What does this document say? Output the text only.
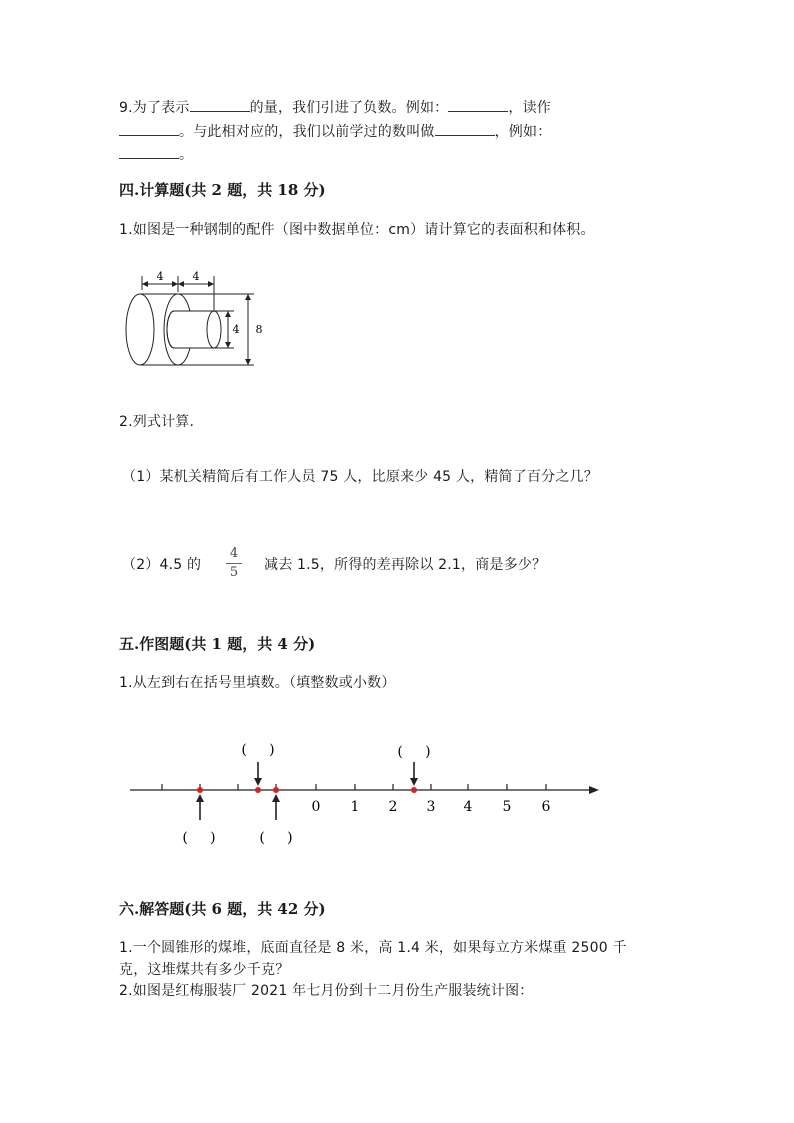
9.为了表示	的量，我们引进了负数。例如：	，读作
。与此相对应的，我们以前学过的数叫做	，例如：
。
四.计算题(共 2 题，共 18 分)
1.如图是一种钢制的配件（图中数据单位：cm）请计算它的表面积和体积。
4	4
4 8
2.列式计算.
（1）某机关精简后有工作人员 75 人，比原来少 45 人，精简了百分之几？
（2）4.5 的
4
5 减去 1.5，所得的差再除以 2.1，商是多少？
五.作图题(共 1 题，共 4 分)
1.从左到右在括号里填数。（填整数或小数）
0 1 2 3 4 5 6
(     )	(     )
(     )	(     )
六.解答题(共 6 题，共 42 分)
1.一个圆锥形的煤堆，底面直径是 8 米，高 1.4 米，如果每立方米煤重 2500 千
克，这堆煤共有多少千克？
2.如图是红梅服装厂 2021 年七月份到十二月份生产服装统计图：
